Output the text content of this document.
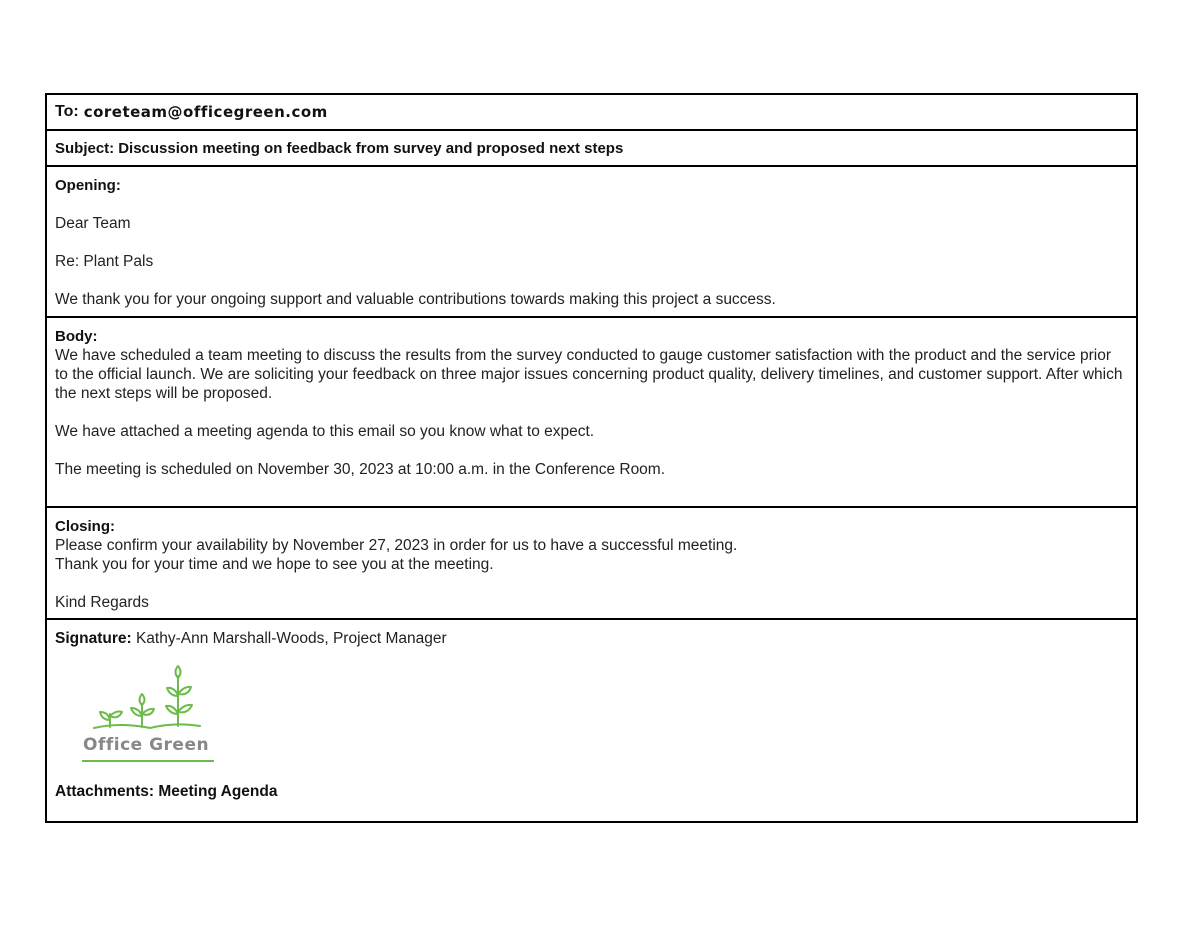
To: coreteam@officegreen.com
Subject: Discussion meeting on feedback from survey and proposed next steps
Opening:

Dear Team

Re: Plant Pals

We thank you for your ongoing support and valuable contributions towards making this project a success.

Body:

We have scheduled a team meeting to discuss the results from the survey conducted to gauge customer satisfaction with the product and the service prior to the official launch. We are soliciting your feedback on three major issues concerning product quality, delivery timelines, and customer support. After which the next steps will be proposed.

We have attached a meeting agenda to this email so you know what to expect.

The meeting is scheduled on November 30, 2023 at 10:00 a.m. in the Conference Room.

Closing:

Please confirm your availability by November 27, 2023 in order for us to have a successful meeting.

Thank you for your time and we hope to see you at the meeting.

Kind Regards

Signature: Kathy-Ann Marshall-Woods, Project Manager
Office Green
Attachments: Meeting Agenda
